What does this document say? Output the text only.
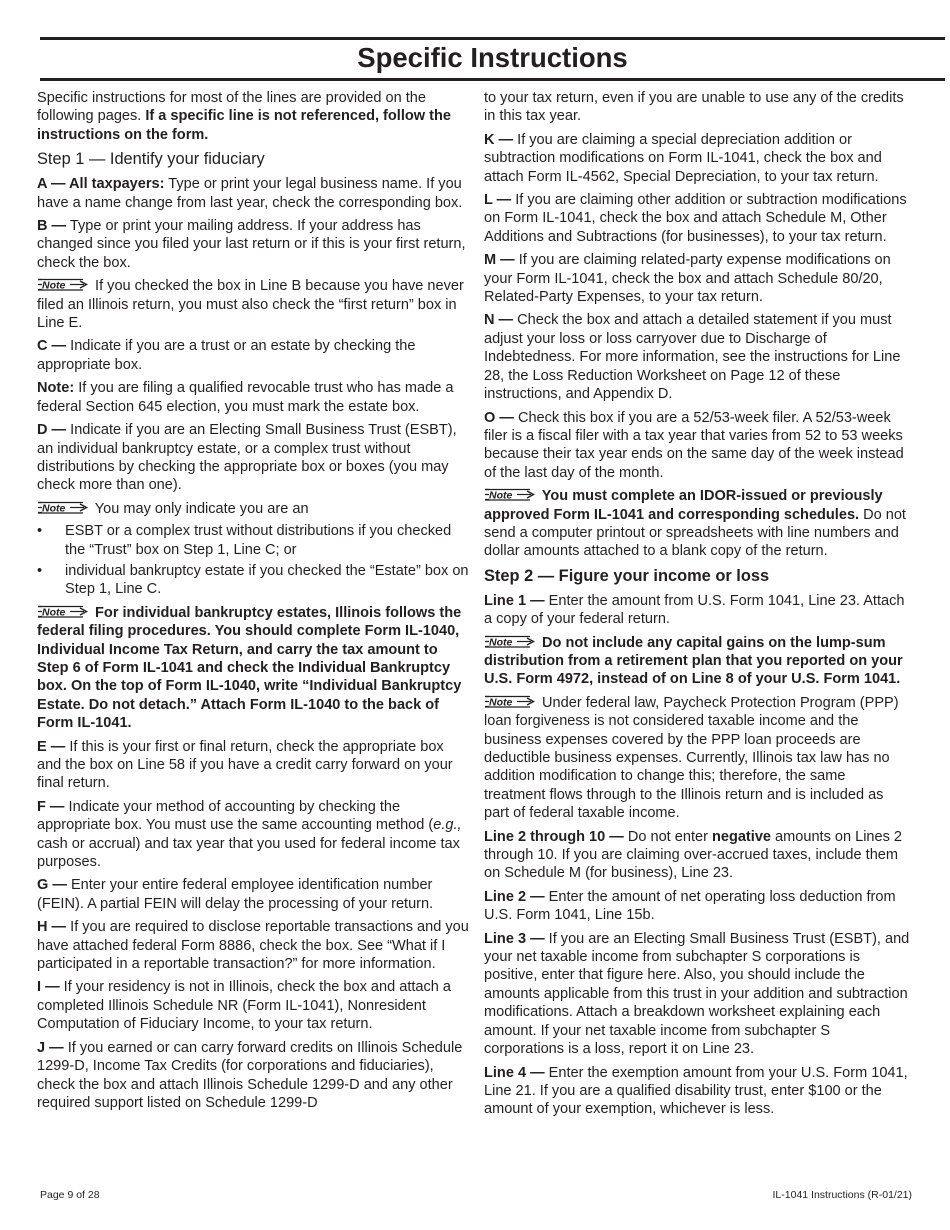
Specific Instructions

Specific instructions for most of the lines are provided on the following pages. If a specific line is not referenced, follow the instructions on the form.

Step 1 — Identify your fiduciary

A — All taxpayers: Type or print your legal business name. If you have a name change from last year, check the corresponding box.

B — Type or print your mailing address. If your address has changed since you filed your last return or if this is your first return, check the box.

Note If you checked the box in Line B because you have never filed an Illinois return, you must also check the “first return” box in Line E.

C — Indicate if you are a trust or an estate by checking the appropriate box.

Note: If you are filing a qualified revocable trust who has made a federal Section 645 election, you must mark the estate box.

D — Indicate if you are an Electing Small Business Trust (ESBT), an individual bankruptcy estate, or a complex trust without distributions by checking the appropriate box or boxes (you may check more than one).

Note You may only indicate you are an

• ESBT or a complex trust without distributions if you checked the “Trust” box on Step 1, Line C; or
• individual bankruptcy estate if you checked the “Estate” box on Step 1, Line C.

Note For individual bankruptcy estates, Illinois follows the federal filing procedures. You should complete Form IL-1040, Individual Income Tax Return, and carry the tax amount to Step 6 of Form IL-1041 and check the Individual Bankruptcy box. On the top of Form IL-1040, write “Individual Bankruptcy Estate. Do not detach.” Attach Form IL-1040 to the back of Form IL-1041.

E — If this is your first or final return, check the appropriate box and the box on Line 58 if you have a credit carry forward on your final return.

F — Indicate your method of accounting by checking the appropriate box. You must use the same accounting method (e.g., cash or accrual) and tax year that you used for federal income tax purposes.

G — Enter your entire federal employee identification number (FEIN). A partial FEIN will delay the processing of your return.

H — If you are required to disclose reportable transactions and you have attached federal Form 8886, check the box. See “What if I participated in a reportable transaction?” for more information.

I — If your residency is not in Illinois, check the box and attach a completed Illinois Schedule NR (Form IL-1041), Nonresident Computation of Fiduciary Income, to your tax return.

J — If you earned or can carry forward credits on Illinois Schedule 1299-D, Income Tax Credits (for corporations and fiduciaries), check the box and attach Illinois Schedule 1299-D and any other required support listed on Schedule 1299-D

to your tax return, even if you are unable to use any of the credits in this tax year.

K — If you are claiming a special depreciation addition or subtraction modifications on Form IL-1041, check the box and attach Form IL-4562, Special Depreciation, to your tax return.

L — If you are claiming other addition or subtraction modifications on Form IL-1041, check the box and attach Schedule M, Other Additions and Subtractions (for businesses), to your tax return.

M — If you are claiming related-party expense modifications on your Form IL-1041, check the box and attach Schedule 80/20, Related-Party Expenses, to your tax return.

N — Check the box and attach a detailed statement if you must adjust your loss or loss carryover due to Discharge of Indebtedness. For more information, see the instructions for Line 28, the Loss Reduction Worksheet on Page 12 of these instructions, and Appendix D.

O — Check this box if you are a 52/53-week filer. A 52/53-week filer is a fiscal filer with a tax year that varies from 52 to 53 weeks because their tax year ends on the same day of the week instead of the last day of the month.

Note You must complete an IDOR-issued or previously approved Form IL-1041 and corresponding schedules. Do not send a computer printout or spreadsheets with line numbers and dollar amounts attached to a blank copy of the return.

Step 2 — Figure your income or loss

Line 1 — Enter the amount from U.S. Form 1041, Line 23. Attach a copy of your federal return.

Note Do not include any capital gains on the lump-sum distribution from a retirement plan that you reported on your U.S. Form 4972, instead of on Line 8 of your U.S. Form 1041.

Note Under federal law, Paycheck Protection Program (PPP) loan forgiveness is not considered taxable income and the business expenses covered by the PPP loan proceeds are deductible business expenses. Currently, Illinois tax law has no addition modification to change this; therefore, the same treatment flows through to the Illinois return and is included as part of federal taxable income.

Line 2 through 10 — Do not enter negative amounts on Lines 2 through 10. If you are claiming over-accrued taxes, include them on Schedule M (for business), Line 23.

Line 2 — Enter the amount of net operating loss deduction from U.S. Form 1041, Line 15b.

Line 3 — If you are an Electing Small Business Trust (ESBT), and your net taxable income from subchapter S corporations is positive, enter that figure here. Also, you should include the amounts applicable from this trust in your addition and subtraction modifications. Attach a breakdown worksheet explaining each amount. If your net taxable income from subchapter S corporations is a loss, report it on Line 23.

Line 4 — Enter the exemption amount from your U.S. Form 1041, Line 21. If you are a qualified disability trust, enter $100 or the amount of your exemption, whichever is less.

Page 9 of 28	IL-1041 Instructions (R-01/21)
